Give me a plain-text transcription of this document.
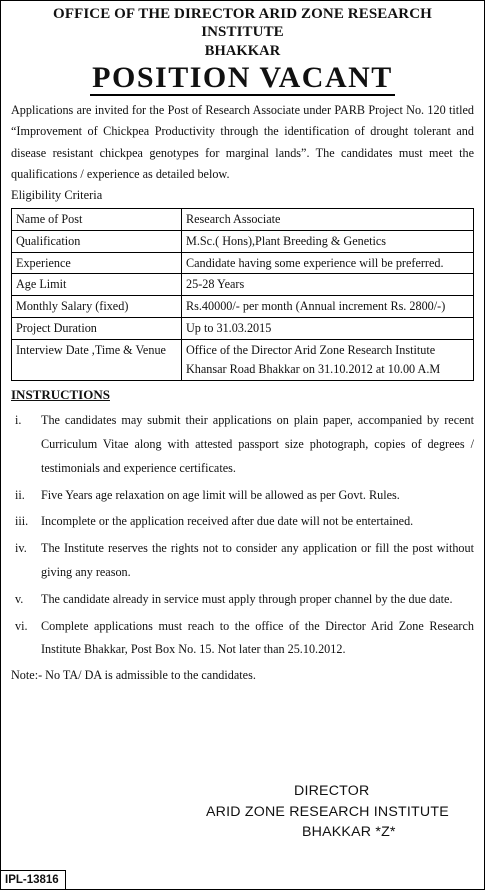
OFFICE OF THE DIRECTOR ARID ZONE RESEARCH INSTITUTE
BHAKKAR
POSITION VACANT

Applications are invited for the Post of Research Associate under PARB Project No. 120 titled “Improvement of Chickpea Productivity through the identification of drought tolerant and disease resistant chickpea genotypes for marginal lands”. The candidates must meet the qualifications / experience as detailed below.

Eligibility Criteria
Name of Post	Research Associate
Qualification	M.Sc.( Hons),Plant Breeding & Genetics
Experience	Candidate having some experience will be preferred.
Age Limit	25-28 Years
Monthly Salary (fixed)	Rs.40000/- per month (Annual increment Rs. 2800/-)
Project Duration	Up to 31.03.2015
Interview Date ,Time & Venue	Office of the Director Arid Zone Research Institute Khansar Road Bhakkar on 31.10.2012 at 10.00 A.M
INSTRUCTIONS
i.	The candidates may submit their applications on plain paper, accompanied by recent Curriculum Vitae along with attested passport size photograph, copies of degrees / testimonials and experience certificates.
ii.	Five Years age relaxation on age limit will be allowed as per Govt. Rules.
iii.	Incomplete or the application received after due date will not be entertained.
iv.	The Institute reserves the rights not to consider any application or fill the post without giving any reason.
v.	The candidate already in service must apply through proper channel by the due date.
vi.	Complete applications must reach to the office of the Director Arid Zone Research Institute Bhakkar, Post Box No. 15. Not later than 25.10.2012.
Note:- No TA/ DA is admissible to the candidates.
DIRECTOR
ARID ZONE RESEARCH INSTITUTE
BHAKKAR *Z*
IPL-13816
